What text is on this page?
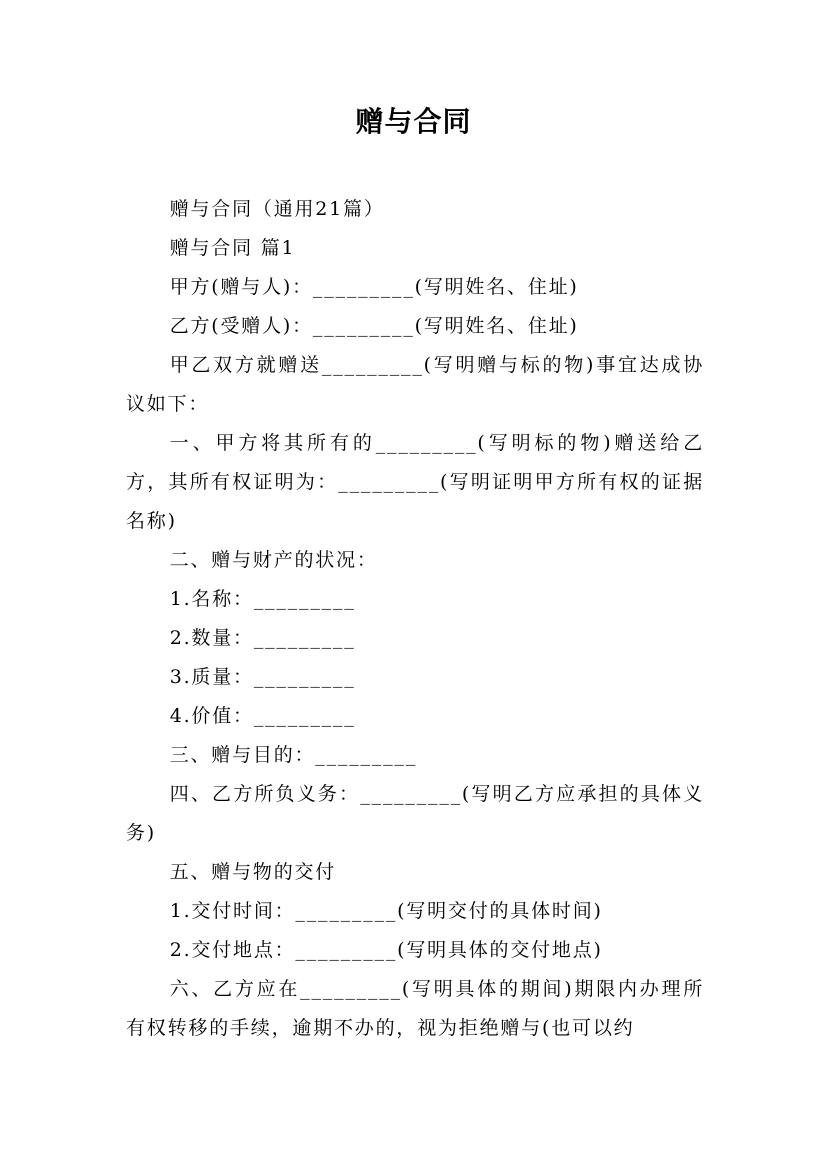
赠与合同

赠与合同（通用21篇）

赠与合同 篇1

甲方(赠与人)：_________(写明姓名、住址)

乙方(受赠人)：_________(写明姓名、住址)

甲乙双方就赠送_________(写明赠与标的物)事宜达成协议如下：

一、甲方将其所有的_________(写明标的物)赠送给乙方，其所有权证明为：_________(写明证明甲方所有权的证据名称)

二、赠与财产的状况：

1.名称：_________

2.数量：_________

3.质量：_________

4.价值：_________

三、赠与目的：_________

四、乙方所负义务：_________(写明乙方应承担的具体义务)

五、赠与物的交付

1.交付时间：_________(写明交付的具体时间)

2.交付地点：_________(写明具体的交付地点)

六、乙方应在_________(写明具体的期间)期限内办理所有权转移的手续，逾期不办的，视为拒绝赠与(也可以约
